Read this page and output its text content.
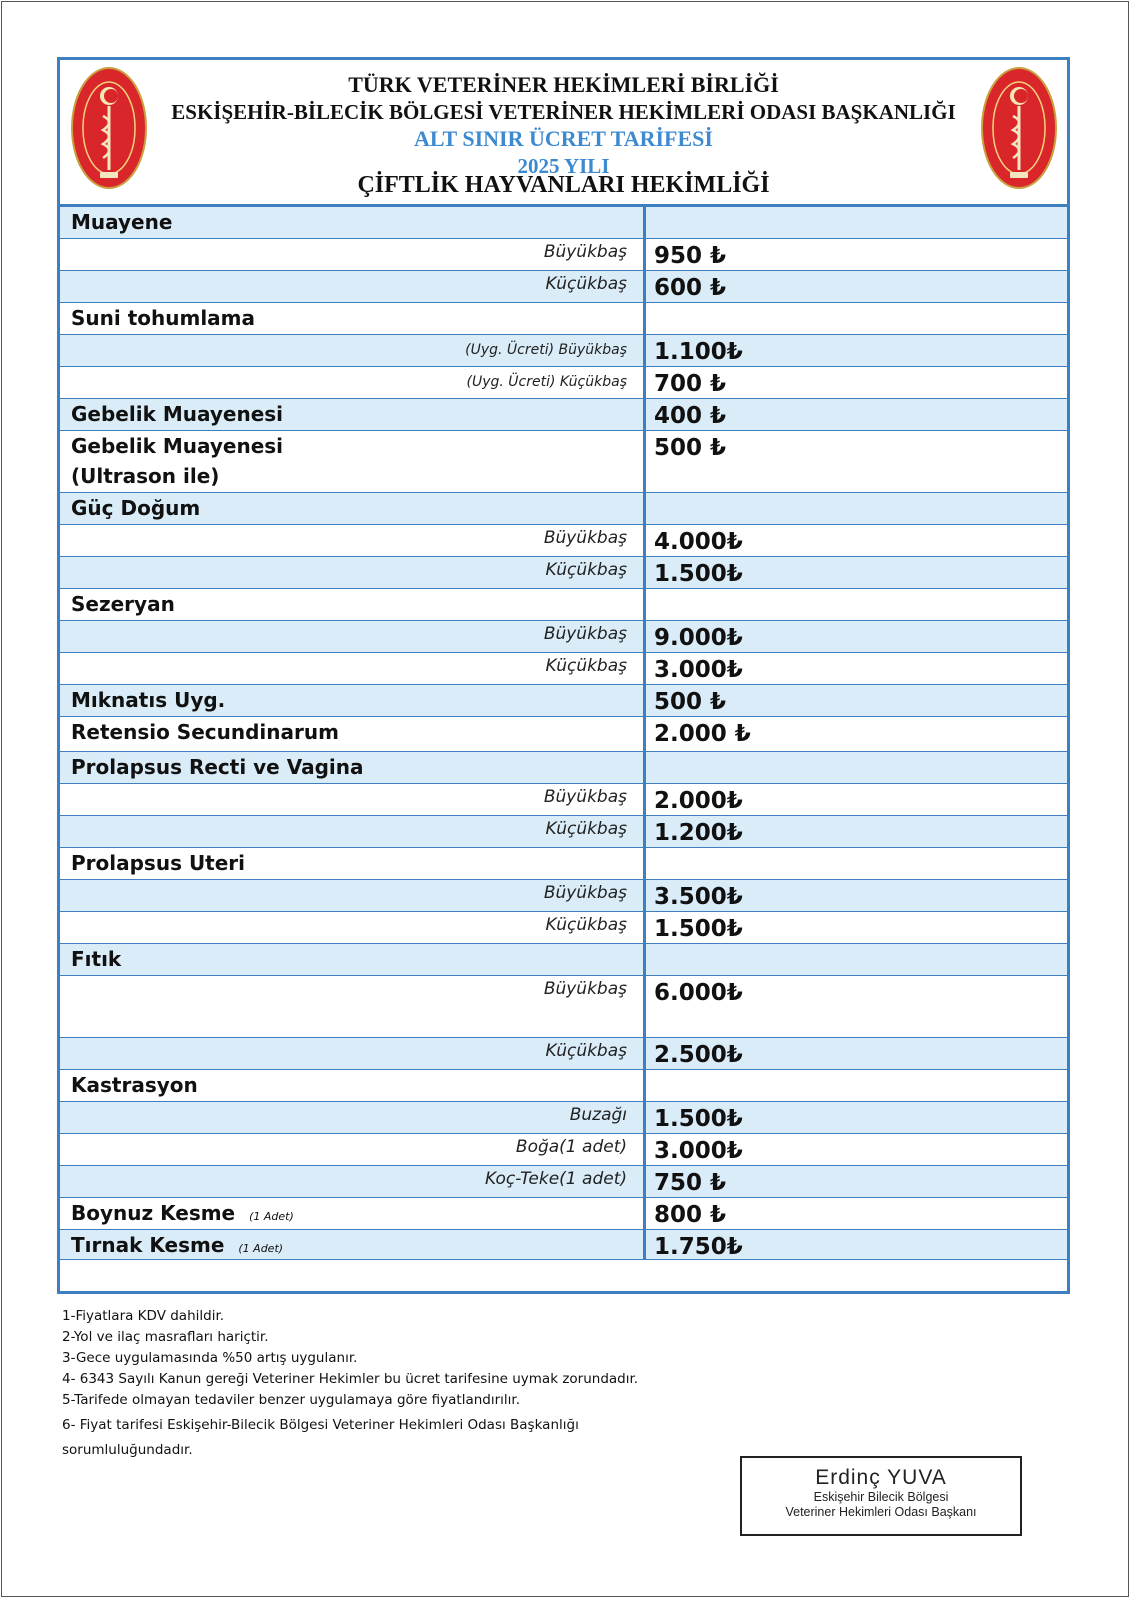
TÜRK VETERİNER HEKİMLERİ BİRLİĞİ
ESKİŞEHİR-BİLECİK BÖLGESİ VETERİNER HEKİMLERİ ODASI BAŞKANLIĞI
ALT SINIR ÜCRET TARİFESİ
2025 YILI
ÇİFTLİK HAYVANLARI HEKİMLİĞİ
Muayene
Büyükbaş 950 ₺
Küçükbaş 600 ₺
Suni tohumlama
(Uyg. Ücreti) Büyükbaş 1.100₺
(Uyg. Ücreti) Küçükbaş 700 ₺
Gebelik Muayenesi	400 ₺
Gebelik Muayenesi
(Ultrason ile)
500 ₺
Güç Doğum
Büyükbaş 4.000₺
Küçükbaş 1.500₺
Sezeryan
Büyükbaş 9.000₺
Küçükbaş 3.000₺
Mıknatıs Uyg.	500 ₺
Retensio Secundinarum	2.000 ₺
Prolapsus Recti ve Vagina
Büyükbaş 2.000₺
Küçükbaş 1.200₺
Prolapsus Uteri
Büyükbaş 3.500₺
Küçükbaş 1.500₺
Fıtık
Büyükbaş 6.000₺
Küçükbaş 2.500₺
Kastrasyon
Buzağı 1.500₺
Boğa(1 adet) 3.000₺
Koç-Teke(1 adet) 750 ₺
Boynuz Kesme (1 Adet)	800 ₺
Tırnak Kesme (1 Adet)	1.750₺
1-Fiyatlara KDV dahildir.
2-Yol ve ilaç masrafları hariçtir.
3-Gece uygulamasında %50 artış uygulanır.
4- 6343 Sayılı Kanun gereği Veteriner Hekimler bu ücret tarifesine uymak zorundadır.
5-Tarifede olmayan tedaviler benzer uygulamaya göre fiyatlandırılır.
6- Fiyat tarifesi Eskişehir-Bilecik Bölgesi Veteriner Hekimleri Odası Başkanlığı
sorumluluğundadır.
Erdinç YUVA
Eskişehir Bilecik Bölgesi
Veteriner Hekimleri Odası Başkanı
